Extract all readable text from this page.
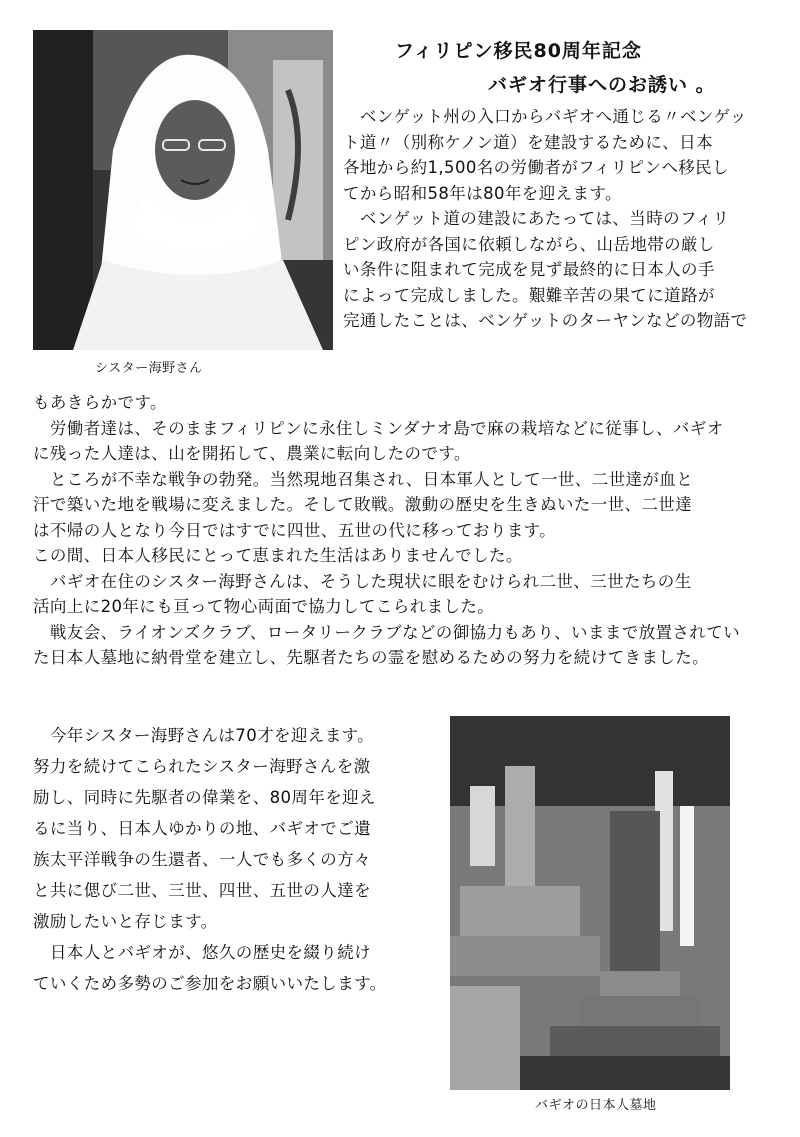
シスター海野さん
フィリピン移民80周年記念
バギオ行事へのお誘い 。
　ベンゲット州の入口からバギオへ通じる〃ベンゲッ
ト道〃（別称ケノン道）を建設するために、日本
各地から約1,500名の労働者がフィリピンへ移民し
てから昭和58年は80年を迎えます。
　ベンゲット道の建設にあたっては、当時のフィリ
ピン政府が各国に依頼しながら、山岳地帯の厳し
い条件に阻まれて完成を見ず最終的に日本人の手
によって完成しました。艱難辛苦の果てに道路が
完通したことは、ベンゲットのターヤンなどの物語で
もあきらかです。
　労働者達は、そのままフィリピンに永住しミンダナオ島で麻の栽培などに従事し、バギオ
に残った人達は、山を開拓して、農業に転向したのです。
　ところが不幸な戦争の勃発。当然現地召集され、日本軍人として一世、二世達が血と
汗で築いた地を戦場に変えました。そして敗戦。激動の歴史を生きぬいた一世、二世達
は不帰の人となり今日ではすでに四世、五世の代に移っております。
この間、日本人移民にとって恵まれた生活はありませんでした。
　バギオ在住のシスター海野さんは、そうした現状に眼をむけられ二世、三世たちの生
活向上に20年にも亘って物心両面で協力してこられました。
　戦友会、ライオンズクラブ、ロータリークラブなどの御協力もあり、いままで放置されてい
た日本人墓地に納骨堂を建立し、先駆者たちの霊を慰めるための努力を続けてきました。
　今年シスター海野さんは70才を迎えます。
努力を続けてこられたシスター海野さんを激
励し、同時に先駆者の偉業を、80周年を迎え
るに当り、日本人ゆかりの地、バギオでご遺
族太平洋戦争の生還者、一人でも多くの方々
と共に偲び二世、三世、四世、五世の人達を
激励したいと存じます。
　日本人とバギオが、悠久の歴史を綴り続け
ていくため多勢のご参加をお願いいたします。
バギオの日本人墓地
